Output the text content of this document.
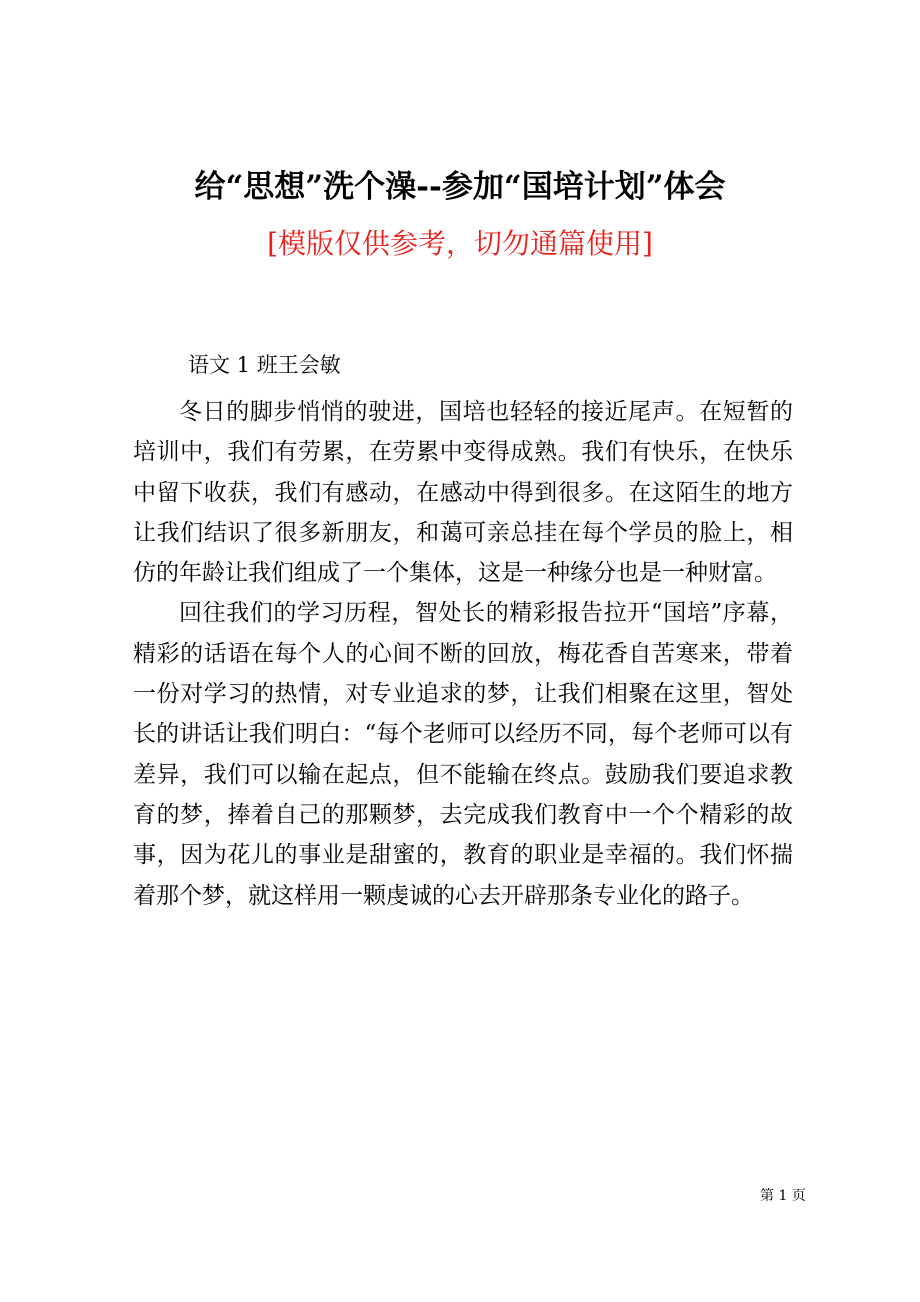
给“思想”洗个澡--参加“国培计划”体会
[模版仅供参考，切勿通篇使用]
语文 1 班王会敏

冬日的脚步悄悄的驶进，国培也轻轻的接近尾声。在短暂的培训中，我们有劳累，在劳累中变得成熟。我们有快乐，在快乐中留下收获，我们有感动，在感动中得到很多。在这陌生的地方让我们结识了很多新朋友，和蔼可亲总挂在每个学员的脸上，相仿的年龄让我们组成了一个集体，这是一种缘分也是一种财富。

回往我们的学习历程，智处长的精彩报告拉开“国培”序幕，精彩的话语在每个人的心间不断的回放，梅花香自苦寒来，带着一份对学习的热情，对专业追求的梦，让我们相聚在这里，智处长的讲话让我们明白：“每个老师可以经历不同，每个老师可以有差异，我们可以输在起点，但不能输在终点。鼓励我们要追求教育的梦，捧着自己的那颗梦，去完成我们教育中一个个精彩的故事，因为花儿的事业是甜蜜的，教育的职业是幸福的。我们怀揣着那个梦，就这样用一颗虔诚的心去开辟那条专业化的路子。

第 1 页
